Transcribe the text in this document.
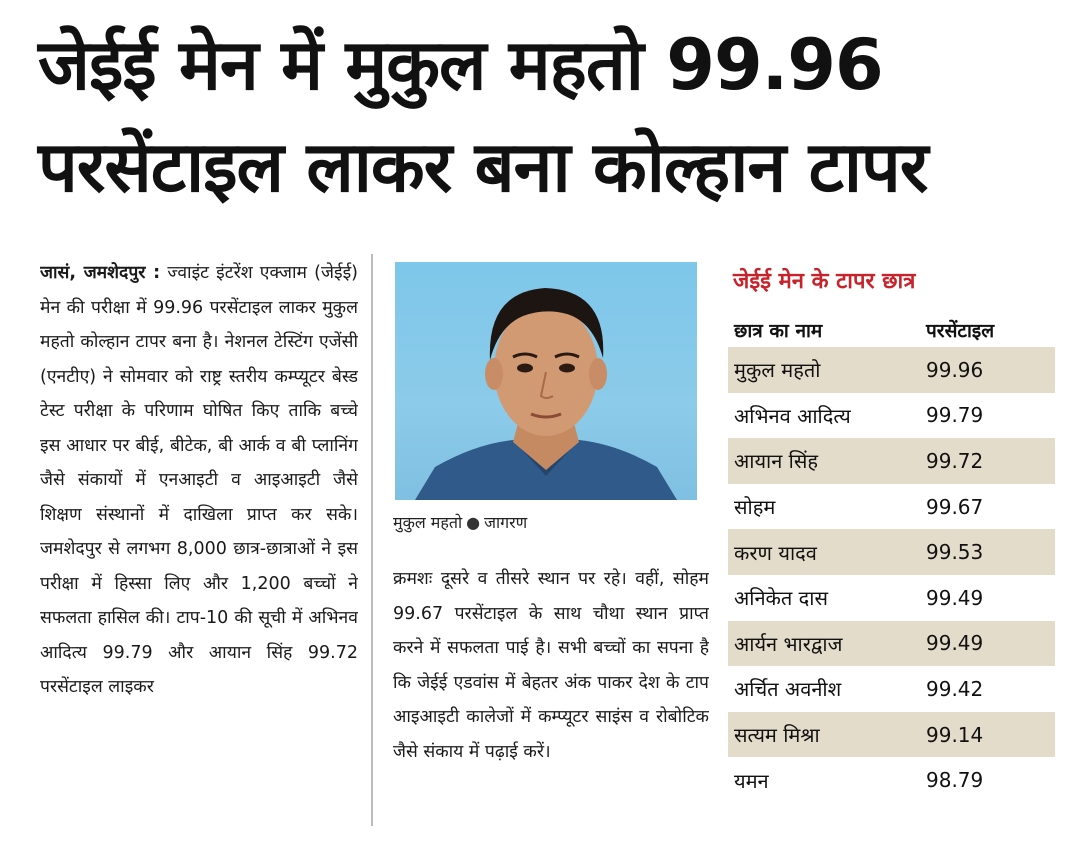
जेईई मेन में मुकुल महतो 99.96
परसेंटाइल लाकर बना कोल्हान टापर
जासं, जमशेदपुर : ज्वाइंट इंटरेंश एक्जाम (जेईई) मेन की परीक्षा में 99.96 परसेंटाइल लाकर मुकुल महतो कोल्हान टापर बना है। नेशनल टेस्टिंग एजेंसी (एनटीए) ने सोमवार को राष्ट्र स्तरीय कम्प्यूटर बेस्ड टेस्ट परीक्षा के परिणाम घोषित किए ताकि बच्चे इस आधार पर बीई, बीटेक, बी आर्क व बी प्लानिंग जैसे संकायों में एनआइटी व आइआइटी जैसे शिक्षण संस्थानों में दाखिला प्राप्त कर सके। जमशेदपुर से लगभग 8,000 छात्र-छात्राओं ने इस परीक्षा में हिस्सा लिए और 1,200 बच्चों ने सफलता हासिल की। टाप-10 की सूची में अभिनव आदित्य 99.79 और आयान सिंह 99.72 परसेंटाइल लाइकर
मुकुल महतो ● जागरण
क्रमशः दूसरे व तीसरे स्थान पर रहे। वहीं, सोहम 99.67 परसेंटाइल के साथ चौथा स्थान प्राप्त करने में सफलता पाई है। सभी बच्चों का सपना है कि जेईई एडवांस में बेहतर अंक पाकर देश के टाप आइआइटी कालेजों में कम्प्यूटर साइंस व रोबोटिक जैसे संकाय में पढ़ाई करें।
जेईई मेन के टापर छात्र
छात्र का नाम	परसेंटाइल
मुकुल महतो	99.96
अभिनव आदित्य	99.79
आयान सिंह	99.72
सोहम	99.67
करण यादव	99.53
अनिकेत दास	99.49
आर्यन भारद्वाज	99.49
अर्चित अवनीश	99.42
सत्यम मिश्रा	99.14
यमन	98.79
